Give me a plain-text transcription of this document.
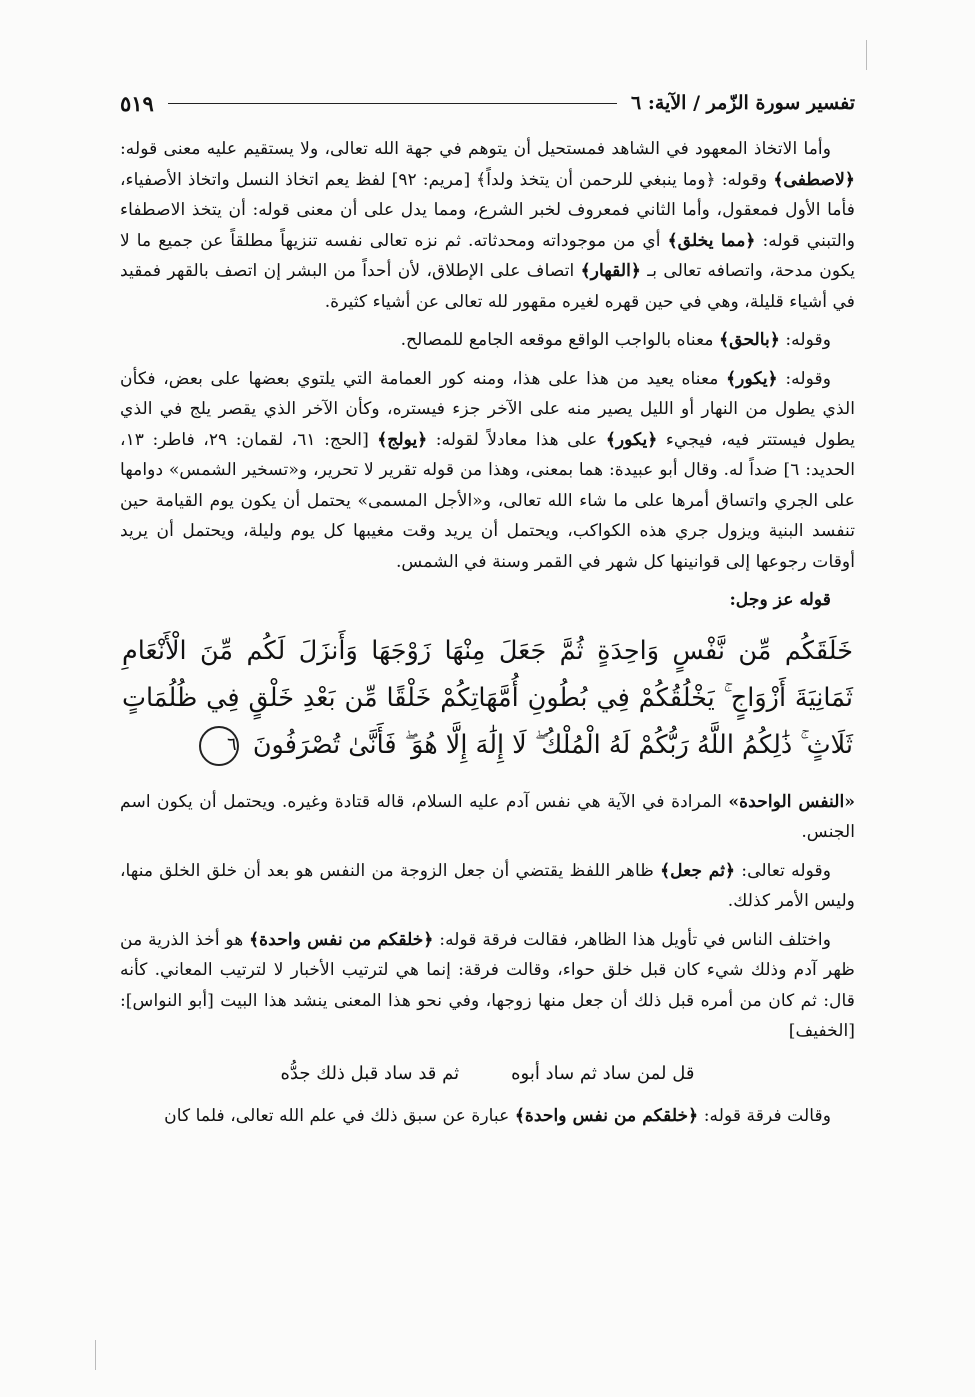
تفسير سورة الزّمر / الآية: ٦
٥١٩

وأما الاتخاذ المعهود في الشاهد فمستحيل أن يتوهم في جهة الله تعالى، ولا يستقيم عليه معنى قوله: ﴿لاصطفى﴾ وقوله: ﴿وما ينبغي للرحمن أن يتخذ ولداً﴾ [مريم: ٩٢] لفظ يعم اتخاذ النسل واتخاذ الأصفياء، فأما الأول فمعقول، وأما الثاني فمعروف لخبر الشرع، ومما يدل على أن معنى قوله: أن يتخذ الاصطفاء والتبني قوله: ﴿مما يخلق﴾ أي من موجوداته ومحدثاته. ثم نزه تعالى نفسه تنزيهاً مطلقاً عن جميع ما لا يكون مدحة، واتصافه تعالى بـ ﴿القهار﴾ اتصاف على الإطلاق، لأن أحداً من البشر إن اتصف بالقهر فمقيد في أشياء قليلة، وهي في حين قهره لغيره مقهور لله تعالى عن أشياء كثيرة.

وقوله: ﴿بالحق﴾ معناه بالواجب الواقع موقعه الجامع للمصالح.

وقوله: ﴿يكور﴾ معناه يعيد من هذا على هذا، ومنه كور العمامة التي يلتوي بعضها على بعض، فكأن الذي يطول من النهار أو الليل يصير منه على الآخر جزء فيستره، وكأن الآخر الذي يقصر يلج في الذي يطول فيستتر فيه، فيجيء ﴿يكور﴾ على هذا معادلاً لقوله: ﴿يولج﴾ [الحج: ٦١، لقمان: ٢٩، فاطر: ١٣، الحديد: ٦] ضداً له. وقال أبو عبيدة: هما بمعنى، وهذا من قوله تقرير لا تحرير، و«تسخير الشمس» دوامها على الجري واتساق أمرها على ما شاء الله تعالى، و«الأجل المسمى» يحتمل أن يكون يوم القيامة حين تنفسد البنية ويزول جري هذه الكواكب، ويحتمل أن يريد وقت مغيبها كل يوم وليلة، ويحتمل أن يريد أوقات رجوعها إلى قوانينها كل شهر في القمر وسنة في الشمس.

قوله عز وجل:

خَلَقَكُم مِّن نَّفْسٍ وَاحِدَةٍ ثُمَّ جَعَلَ مِنْهَا زَوْجَهَا وَأَنزَلَ لَكُم مِّنَ الْأَنْعَامِ ثَمَانِيَةَ أَزْوَاجٍ ۚ يَخْلُقُكُمْ فِي بُطُونِ أُمَّهَاتِكُمْ خَلْقًا مِّن بَعْدِ خَلْقٍ فِي ظُلُمَاتٍ ثَلَاثٍ ۚ ذَٰلِكُمُ اللَّهُ رَبُّكُمْ لَهُ الْمُلْكُ ۖ لَا إِلَٰهَ إِلَّا هُوَ ۖ فَأَنَّىٰ تُصْرَفُونَ ٦

«النفس الواحدة» المرادة في الآية هي نفس آدم عليه السلام، قاله قتادة وغيره. ويحتمل أن يكون اسم الجنس.

وقوله تعالى: ﴿ثم جعل﴾ ظاهر اللفظ يقتضي أن جعل الزوجة من النفس هو بعد أن خلق الخلق منها، وليس الأمر كذلك.

واختلف الناس في تأويل هذا الظاهر، فقالت فرقة قوله: ﴿خلقكم من نفس واحدة﴾ هو أخذ الذرية من ظهر آدم وذلك شيء كان قبل خلق حواء، وقالت فرقة: إنما هي لترتيب الأخبار لا لترتيب المعاني. كأنه قال: ثم كان من أمره قبل ذلك أن جعل منها زوجها، وفي نحو هذا المعنى ينشد هذا البيت [أبو النواس]: [الخفيف]

قل لمن ساد ثم ساد أبوه
ثم قد ساد قبل ذلك جدُّه

وقالت فرقة قوله: ﴿خلقكم من نفس واحدة﴾ عبارة عن سبق ذلك في علم الله تعالى، فلما كان
